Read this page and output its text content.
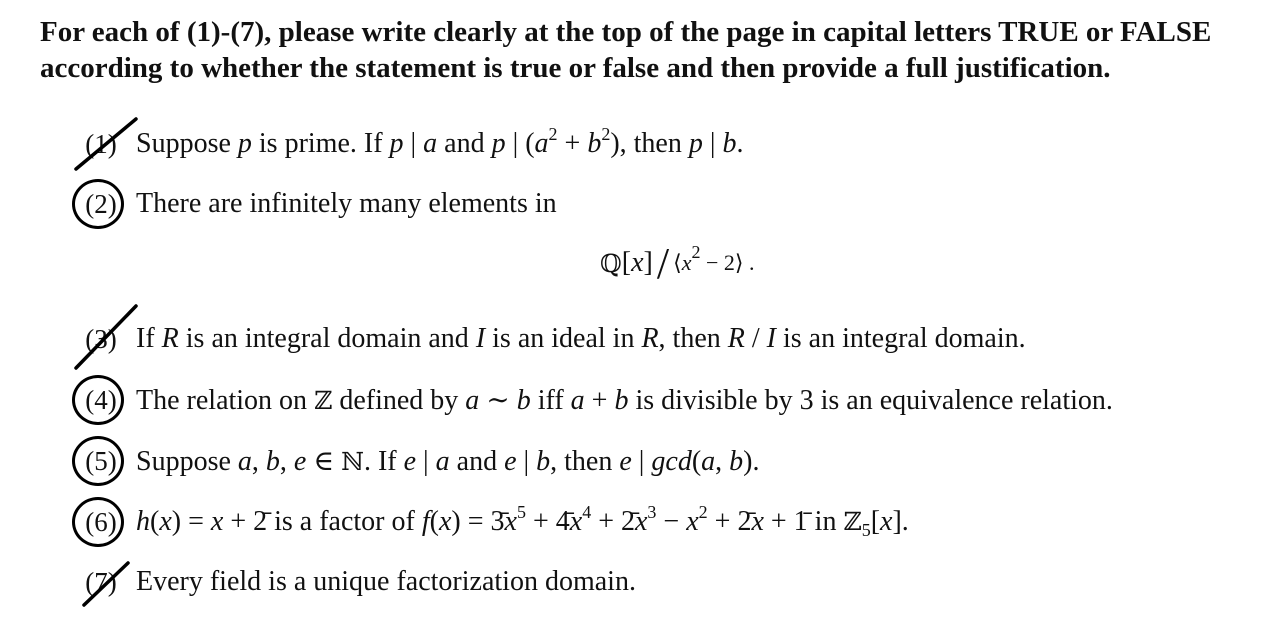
For each of (1)-(7), please write clearly at the top of the page in capital letters TRUE or FALSE according to whether the statement is true or false and then provide a full justification.
(1) Suppose p is prime. If p | a and p | $(a^2 + b^2)$, then p | b.
(2) There are infinitely many elements in
ℚ [ x ] / $⟨x^2$ − 2⟩ .
(3) If R is an integral domain and I is an ideal in R, then R / I is an integral domain.
(4) The relation on ℤ defined by a ∼ b iff a + b is divisible by 3 is an equivalence relation.
(5) Suppose a, b, e ∈ ℕ. If e | a and e | b, then e | gcd(a, b).
(6) h(x) = x + 2̄ is a factor of $f(x) = 3̄x^5$ + $4̄x^4$ + $2̄x^3 - x^2$ + 2̄x + 1̄ in ℤ$_5$[x].
(7) Every field is a unique factorization domain.
